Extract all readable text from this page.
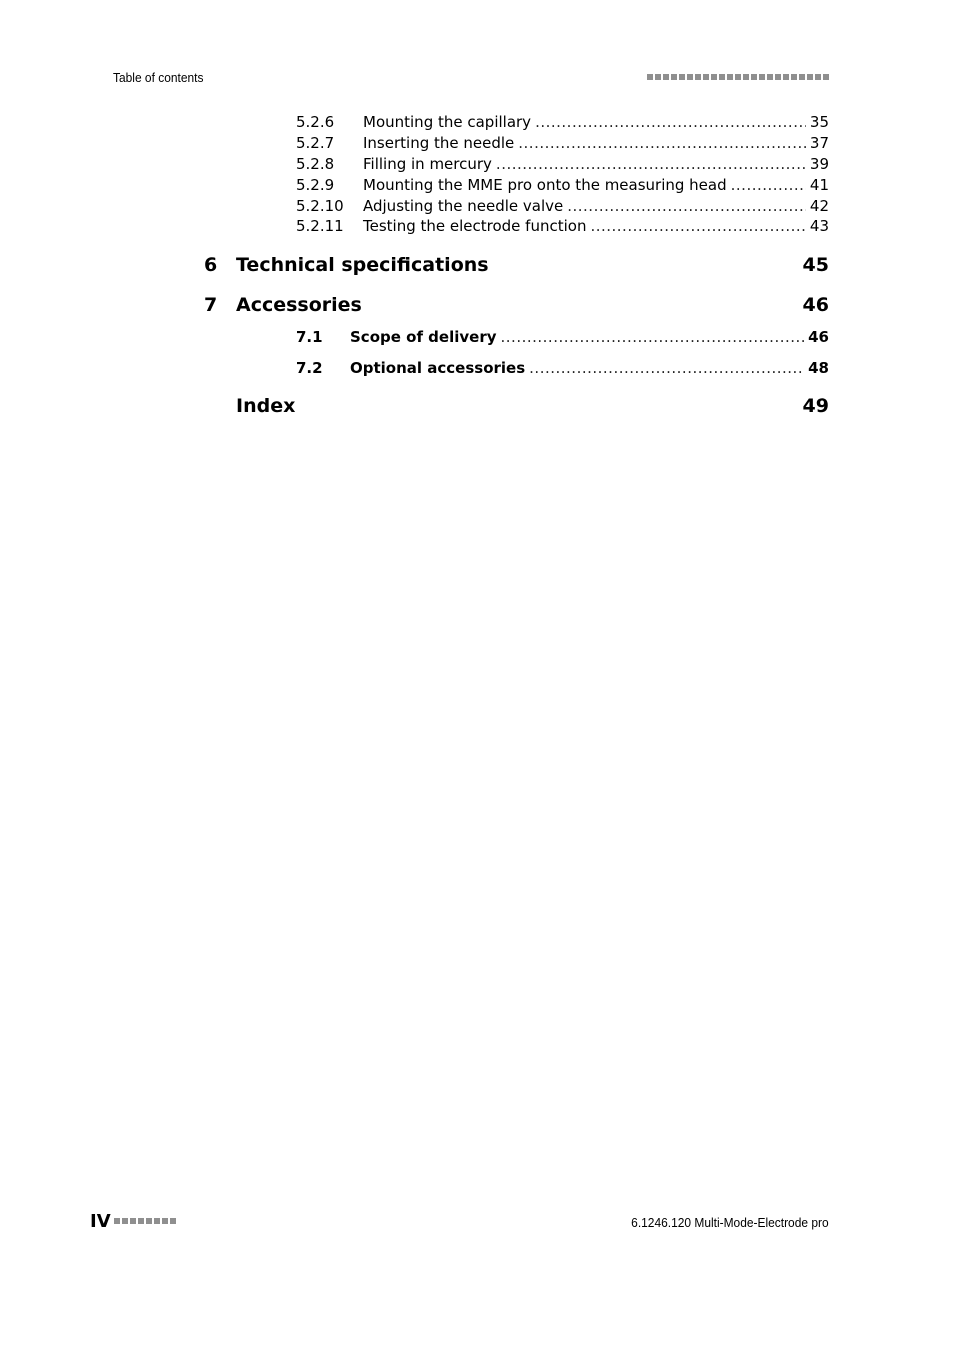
Table of contents
5.2.6 Mounting the capillary .....	35
5.2.7 Inserting the needle .....	37
5.2.8 Filling in mercury .....	39
5.2.9 Mounting the MME pro onto the measuring head .....	41
5.2.10 Adjusting the needle valve .....	42
5.2.11 Testing the electrode function .....	43
6 Technical specifications	45
7 Accessories	46
7.1 Scope of delivery .....	46
7.2 Optional accessories .....	48
Index	49
IV	6.1246.120 Multi-Mode-Electrode pro
